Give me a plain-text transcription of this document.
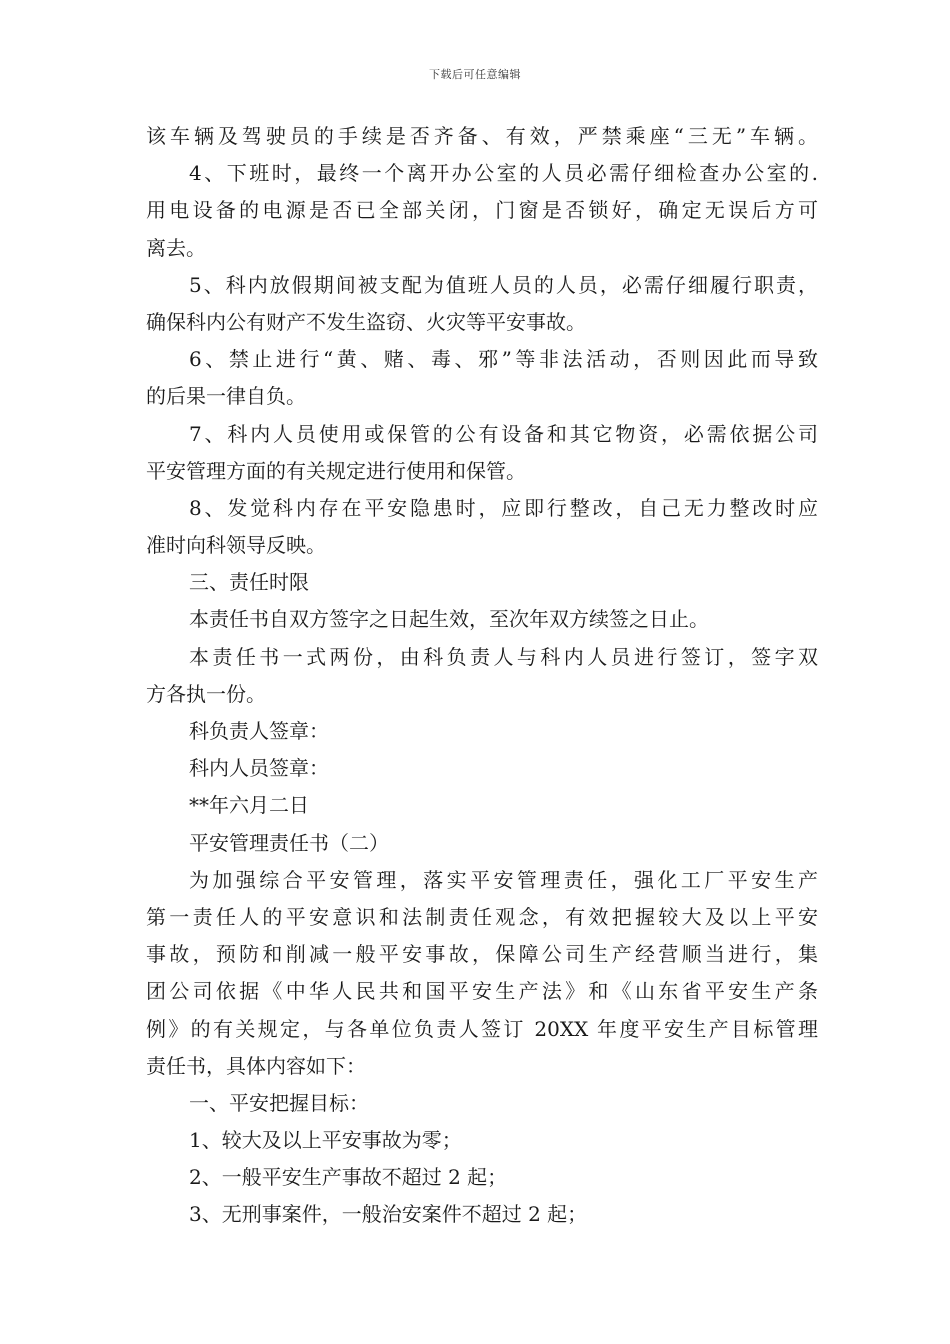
下载后可任意编辑
该车辆及驾驶员的手续是否齐备、有效，严禁乘座“三无”车辆。
4、下班时，最终一个离开办公室的人员必需仔细检查办公室的.
用电设备的电源是否已全部关闭，门窗是否锁好，确定无误后方可
离去。
5、科内放假期间被支配为值班人员的人员，必需仔细履行职责，
确保科内公有财产不发生盗窃、火灾等平安事故。
6、禁止进行“黄、赌、毒、邪”等非法活动，否则因此而导致
的后果一律自负。
7、科内人员使用或保管的公有设备和其它物资，必需依据公司
平安管理方面的有关规定进行使用和保管。
8、发觉科内存在平安隐患时，应即行整改，自己无力整改时应
准时向科领导反映。
三、责任时限
本责任书自双方签字之日起生效，至次年双方续签之日止。
本责任书一式两份，由科负责人与科内人员进行签订，签字双
方各执一份。
科负责人签章：
科内人员签章：
**年六月二日
平安管理责任书（二）
为加强综合平安管理，落实平安管理责任，强化工厂平安生产
第一责任人的平安意识和法制责任观念，有效把握较大及以上平安
事故，预防和削减一般平安事故，保障公司生产经营顺当进行，集
团公司依据《中华人民共和国平安生产法》和《山东省平安生产条
例》的有关规定，与各单位负责人签订 20XX 年度平安生产目标管理
责任书，具体内容如下：
一、平安把握目标：
1、较大及以上平安事故为零；
2、一般平安生产事故不超过 2 起；
3、无刑事案件，一般治安案件不超过 2 起；
